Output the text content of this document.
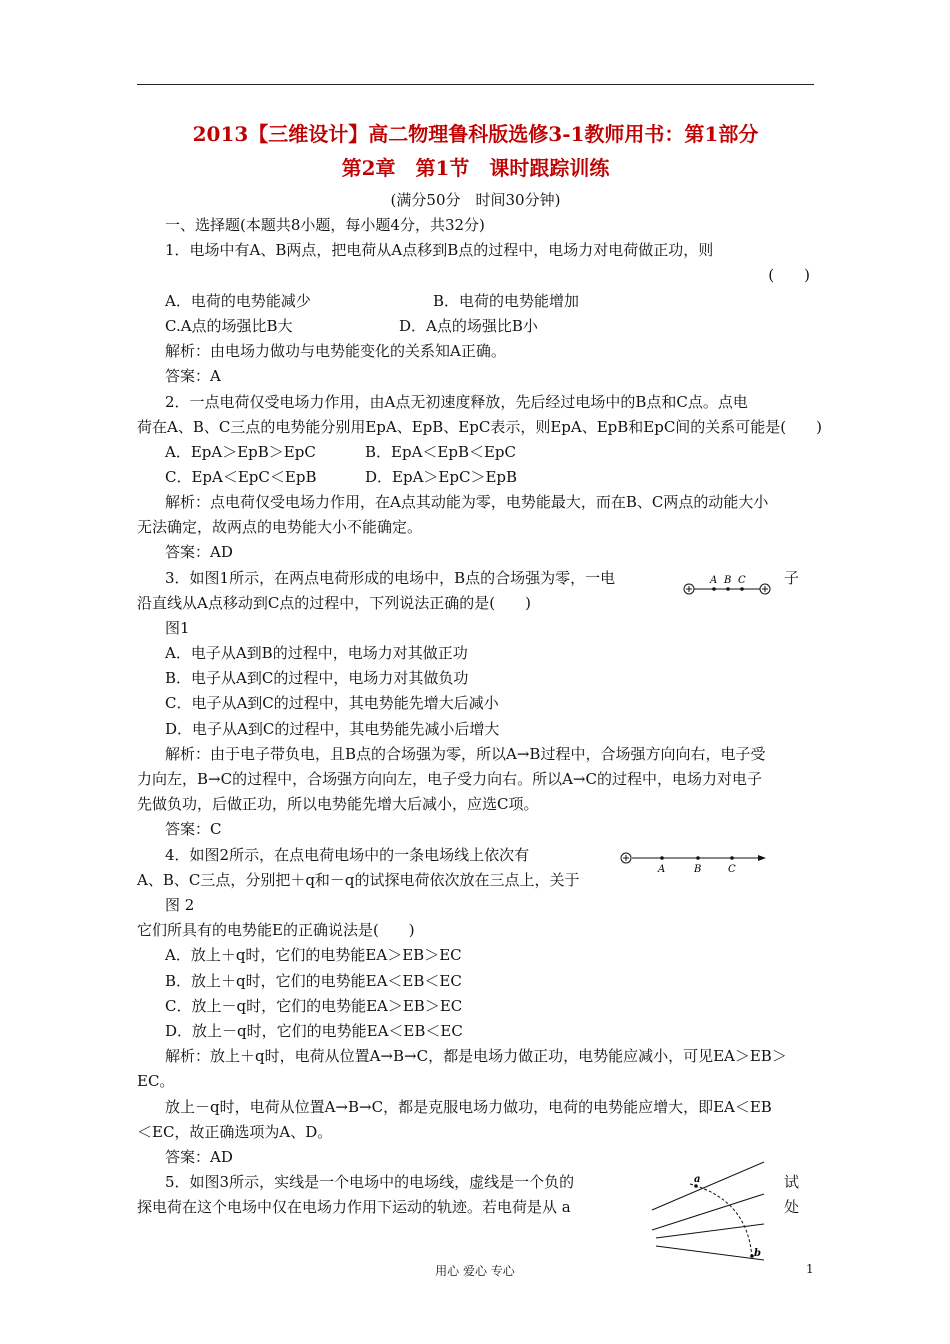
2013【三维设计】高二物理鲁科版选修3-1教师用书：第1部分
第2章　第1节　课时跟踪训练
(满分50分　时间30分钟)
一、选择题(本题共8小题，每小题4分，共32分)
1．电场中有A、B两点，把电荷从A点移到B点的过程中，电场力对电荷做正功，则
(　　)
A．电荷的电势能减少	B．电荷的电势能增加
C.A点的场强比B大	D．A点的场强比B小
解析：由电场力做功与电势能变化的关系知A正确。
答案：A
2．一点电荷仅受电场力作用，由A点无初速度释放，先后经过电场中的B点和C点。点电
荷在A、B、C三点的电势能分别用EpA、EpB、EpC表示，则EpA、EpB和EpC间的关系可能是(　　)
A．EpA＞EpB＞EpC	B．EpA＜EpB＜EpC
C．EpA＜EpC＜EpB	D．EpA＞EpC＞EpB
解析：点电荷仅受电场力作用，在A点其动能为零，电势能最大，而在B、C两点的动能大小
无法确定，故两点的电势能大小不能确定。
答案：AD
3．如图1所示，在两点电荷形成的电场中，B点的合场强为零，一电	子
A B C
沿直线从A点移动到C点的过程中，下列说法正确的是(　　)
图1
A．电子从A到B的过程中，电场力对其做正功
B．电子从A到C的过程中，电场力对其做负功
C．电子从A到C的过程中，其电势能先增大后减小
D．电子从A到C的过程中，其电势能先减小后增大
解析：由于电子带负电，且B点的合场强为零，所以A→B过程中，合场强方向向右，电子受
力向左，B→C的过程中，合场强方向向左，电子受力向右。所以A→C的过程中，电场力对电子
先做负功，后做正功，所以电势能先增大后减小，应选C项。
答案：C
4．如图2所示，在点电荷电场中的一条电场线上依次有
A	B	C
A、B、C三点，分别把＋q和－q的试探电荷依次放在三点上，关于
图 2
它们所具有的电势能E的正确说法是(　　)
A．放上＋q时，它们的电势能EA＞EB＞EC
B．放上＋q时，它们的电势能EA＜EB＜EC
C．放上－q时，它们的电势能EA＞EB＞EC
D．放上－q时，它们的电势能EA＜EB＜EC
解析：放上＋q时，电荷从位置A→B→C，都是电场力做正功，电势能应减小，可见EA＞EB＞
EC。
放上－q时，电荷从位置A→B→C，都是克服电场力做功，电荷的电势能应增大，即EA＜EB
＜EC，故正确选项为A、D。
答案：AD
5．如图3所示，实线是一个电场中的电场线，虚线是一个负的	试
探电荷在这个电场中仅在电场力作用下运动的轨迹。若电荷是从 a	处
a
b
用心 爱心 专心	1
